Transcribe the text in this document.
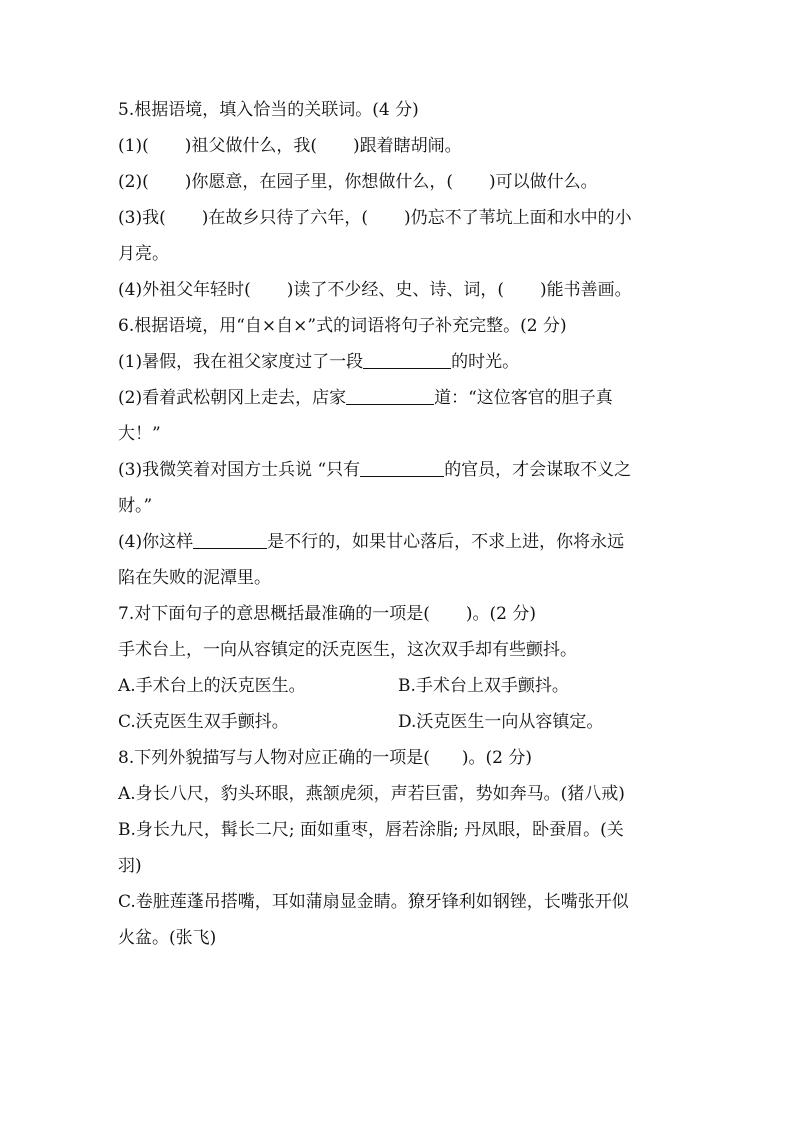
5.根据语境，填入恰当的关联词。(4 分)
(1)( )祖父做什么，我( )跟着瞎胡闹。
(2)( )你愿意，在园子里，你想做什么，( )可以做什么。
(3)我( )在故乡只待了六年，( )仍忘不了苇坑上面和水中的小
月亮。
(4)外祖父年轻时( )读了不少经、史、诗、词，( )能书善画。
6.根据语境，用“自×自×”式的词语将句子补充完整。(2 分)
(1)暑假，我在祖父家度过了一段	的时光。
(2)看着武松朝冈上走去，店家	道：“这位客官的胆子真
大！”
(3)我微笑着对国方士兵说 “只有	的官员，才会谋取不义之
财。”
(4)你这样	是不行的，如果甘心落后，不求上进，你将永远
陷在失败的泥潭里。
7.对下面句子的意思概括最准确的一项是( )。(2 分)
手术台上，一向从容镇定的沃克医生，这次双手却有些颤抖。
A.手术台上的沃克医生。	B.手术台上双手颤抖。
C.沃克医生双手颤抖。	D.沃克医生一向从容镇定。
8.下列外貌描写与人物对应正确的一项是( )。(2 分)
A.身长八尺，豹头环眼，燕颔虎须，声若巨雷，势如奔马。(猪八戒)
B.身长九尺，髯长二尺; 面如重枣，唇若涂脂; 丹凤眼，卧蚕眉。(关
羽)
C.卷脏莲蓬吊搭嘴，耳如蒲扇显金睛。獠牙锋利如钢锉，长嘴张开似
火盆。(张飞)
